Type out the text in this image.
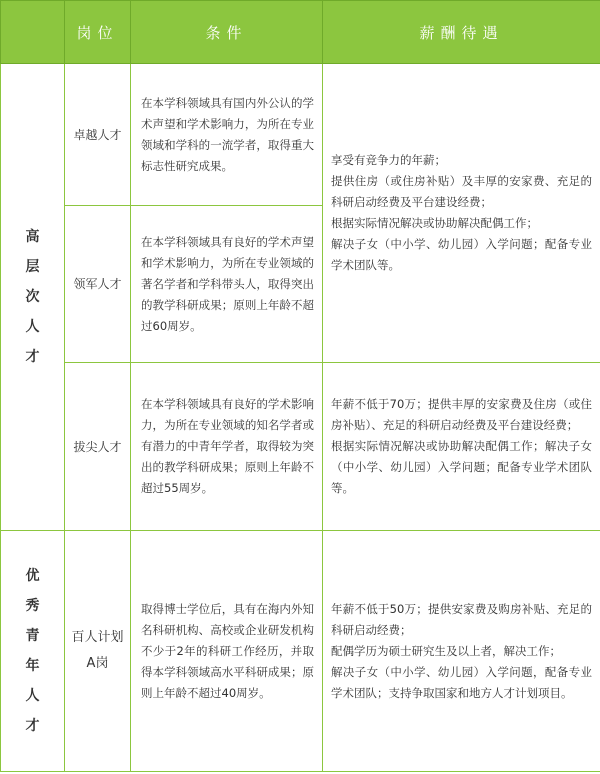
	岗位	条件	薪酬待遇
高层次人才	卓越人才	在本学科领域具有国内外公认的学术声望和学术影响力，为所在专业领域和学科的一流学者，取得重大标志性研究成果。	享受有竞争力的年薪；
提供住房（或住房补贴）及丰厚的安家费、充足的科研启动经费及平台建设经费；
根据实际情况解决或协助解决配偶工作；
解决子女（中小学、幼儿园）入学问题；配备专业学术团队等。

	领军人才	在本学科领域具有良好的学术声望和学术影响力，为所在专业领域的著名学者和学科带头人，取得突出的教学科研成果；原则上年龄不超过60周岁。	
	拔尖人才	在本学科领域具有良好的学术影响力，为所在专业领域的知名学者或有潜力的中青年学者，取得较为突出的教学科研成果；原则上年龄不超过55周岁。	年薪不低于70万；提供丰厚的安家费及住房（或住房补贴）、充足的科研启动经费及平台建设经费；
根据实际情况解决或协助解决配偶工作；解决子女（中小学、幼儿园）入学问题；配备专业学术团队等。

优秀青年人才	百人计划A岗	取得博士学位后，具有在海内外知名科研机构、高校或企业研发机构不少于2年的科研工作经历，并取得本学科领域高水平科研成果；原则上年龄不超过40周岁。	年薪不低于50万；提供安家费及购房补贴、充足的科研启动经费；
配偶学历为硕士研究生及以上者，解决工作；
解决子女（中小学、幼儿园）入学问题，配备专业学术团队；支持争取国家和地方人才计划项目。
